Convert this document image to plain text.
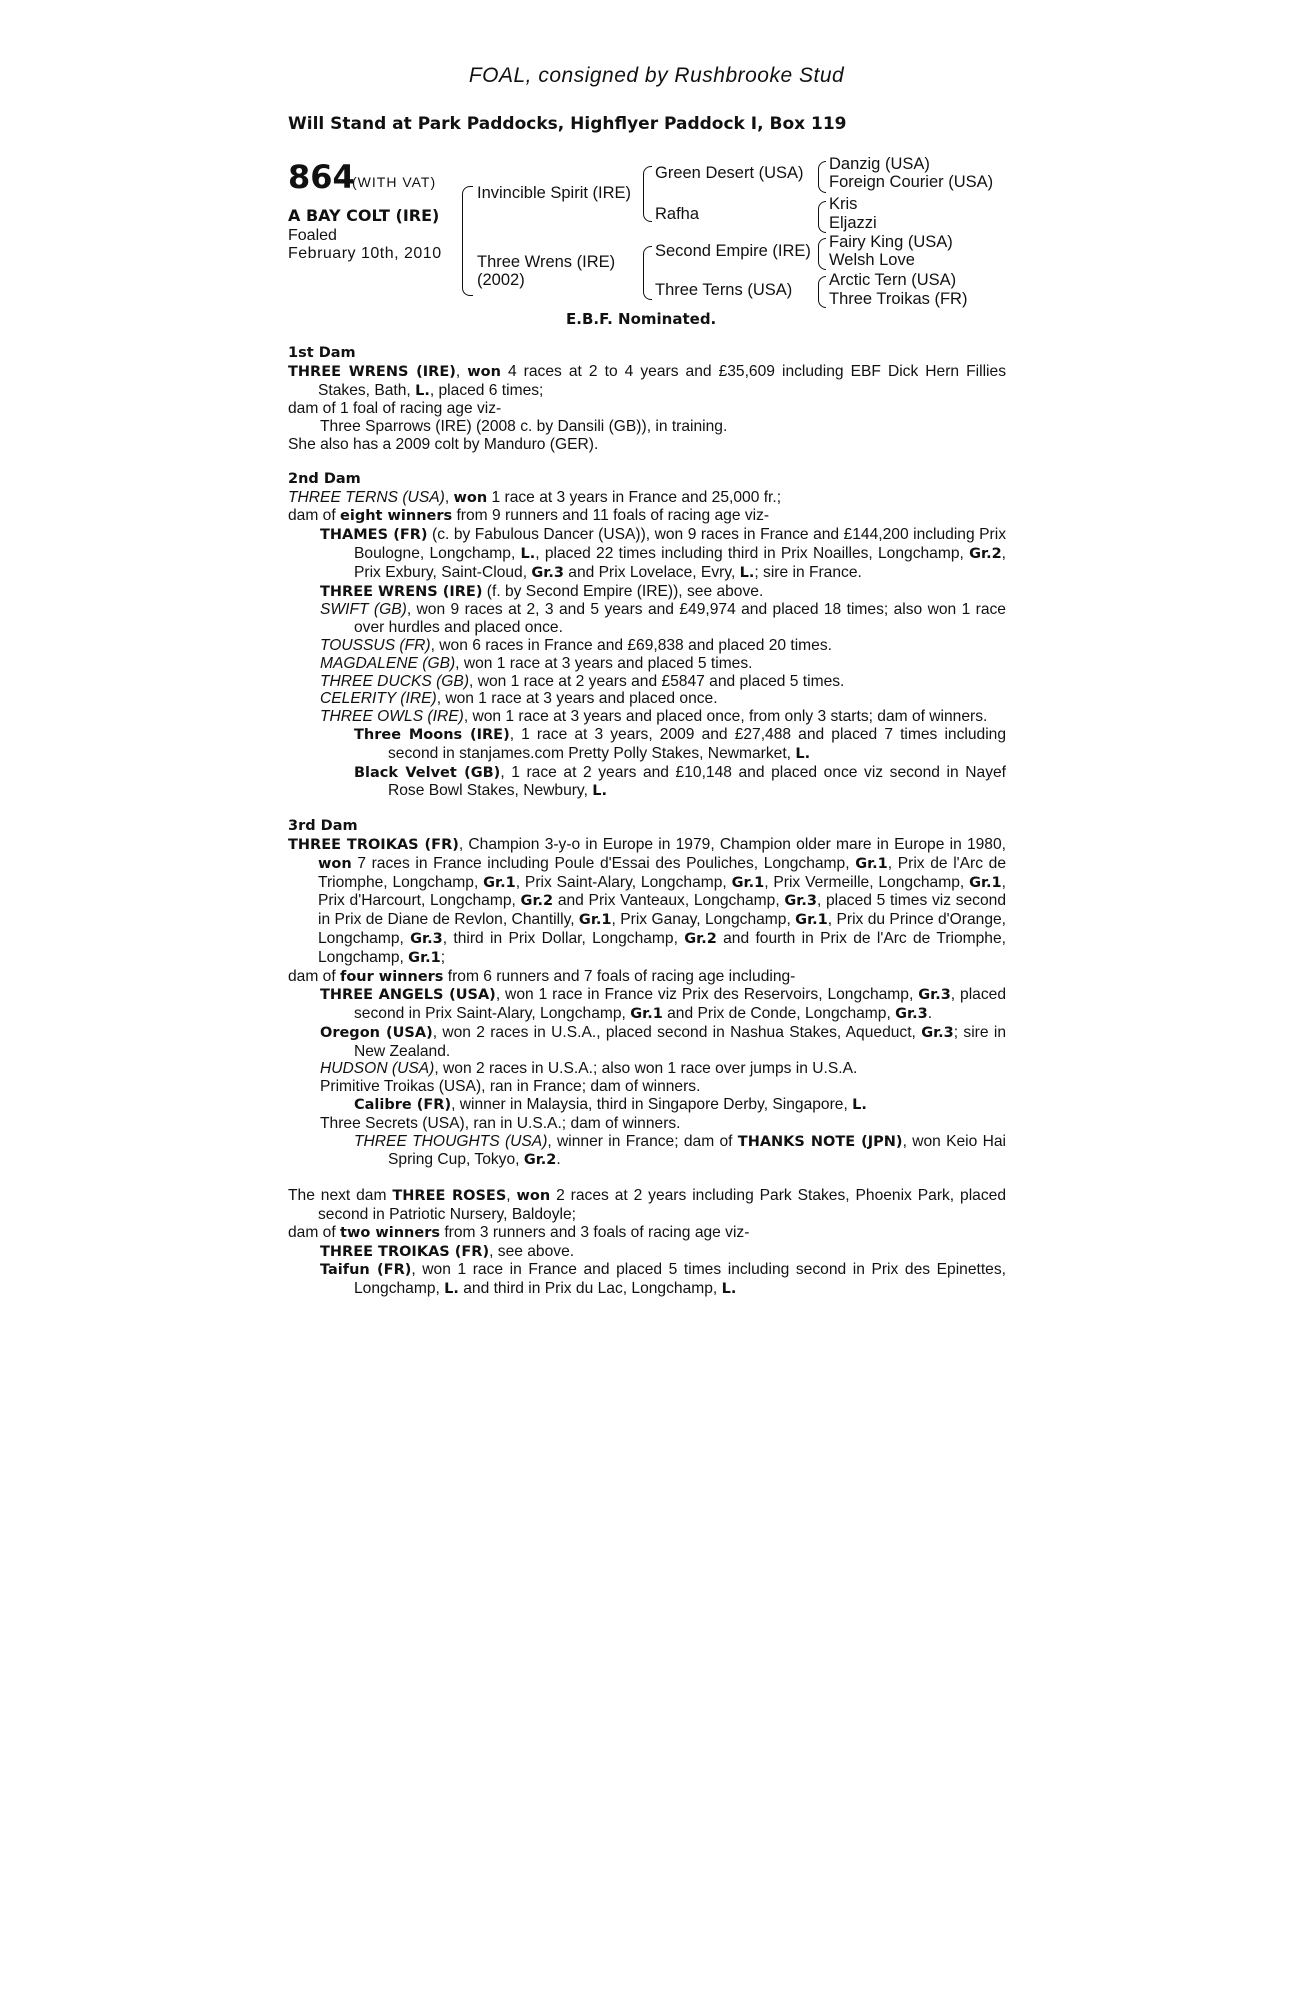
FOAL, consigned by Rushbrooke Stud
Will Stand at Park Paddocks, Highflyer Paddock I, Box 119
864
(WITH VAT)
A BAY COLT (IRE)
Foaled
February 10th, 2010
Invincible Spirit (IRE)
Three Wrens (IRE)
(2002)
Green Desert (USA)
Rafha
Second Empire (IRE)
Three Terns (USA)
Danzig (USA)
Foreign Courier (USA)
Kris
Eljazzi
Fairy King (USA)
Welsh Love
Arctic Tern (USA)
Three Troikas (FR)
E.B.F. Nominated.

1st Dam

THREE WRENS (IRE), won 4 races at 2 to 4 years and £35,609 including EBF Dick Hern Fillies Stakes, Bath, L., placed 6 times;

dam of 1 foal of racing age viz-

Three Sparrows (IRE) (2008 c. by Dansili (GB)), in training.

She also has a 2009 colt by Manduro (GER).

2nd Dam

THREE TERNS (USA), won 1 race at 3 years in France and 25,000 fr.;

dam of eight winners from 9 runners and 11 foals of racing age viz-

THAMES (FR) (c. by Fabulous Dancer (USA)), won 9 races in France and £144,200 including Prix Boulogne, Longchamp, L., placed 22 times including third in Prix Noailles, Longchamp, Gr.2, Prix Exbury, Saint-Cloud, Gr.3 and Prix Lovelace, Evry, L.; sire in France.

THREE WRENS (IRE) (f. by Second Empire (IRE)), see above.

SWIFT (GB), won 9 races at 2, 3 and 5 years and £49,974 and placed 18 times; also won 1 race over hurdles and placed once.

TOUSSUS (FR), won 6 races in France and £69,838 and placed 20 times.

MAGDALENE (GB), won 1 race at 3 years and placed 5 times.

THREE DUCKS (GB), won 1 race at 2 years and £5847 and placed 5 times.

CELERITY (IRE), won 1 race at 3 years and placed once.

THREE OWLS (IRE), won 1 race at 3 years and placed once, from only 3 starts; dam of winners.

Three Moons (IRE), 1 race at 3 years, 2009 and £27,488 and placed 7 times including second in stanjames.com Pretty Polly Stakes, Newmarket, L.

Black Velvet (GB), 1 race at 2 years and £10,148 and placed once viz second in Nayef Rose Bowl Stakes, Newbury, L.

3rd Dam

THREE TROIKAS (FR), Champion 3-y-o in Europe in 1979, Champion older mare in Europe in 1980, won 7 races in France including Poule d'Essai des Pouliches, Longchamp, Gr.1, Prix de l'Arc de Triomphe, Longchamp, Gr.1, Prix Saint-Alary, Longchamp, Gr.1, Prix Vermeille, Longchamp, Gr.1, Prix d'Harcourt, Longchamp, Gr.2 and Prix Vanteaux, Longchamp, Gr.3, placed 5 times viz second in Prix de Diane de Revlon, Chantilly, Gr.1, Prix Ganay, Longchamp, Gr.1, Prix du Prince d'Orange, Longchamp, Gr.3, third in Prix Dollar, Longchamp, Gr.2 and fourth in Prix de l'Arc de Triomphe, Longchamp, Gr.1;

dam of four winners from 6 runners and 7 foals of racing age including-

THREE ANGELS (USA), won 1 race in France viz Prix des Reservoirs, Longchamp, Gr.3, placed second in Prix Saint-Alary, Longchamp, Gr.1 and Prix de Conde, Longchamp, Gr.3.

Oregon (USA), won 2 races in U.S.A., placed second in Nashua Stakes, Aqueduct, Gr.3; sire in New Zealand.

HUDSON (USA), won 2 races in U.S.A.; also won 1 race over jumps in U.S.A.

Primitive Troikas (USA), ran in France; dam of winners.

Calibre (FR), winner in Malaysia, third in Singapore Derby, Singapore, L.

Three Secrets (USA), ran in U.S.A.; dam of winners.

THREE THOUGHTS (USA), winner in France; dam of THANKS NOTE (JPN), won Keio Hai Spring Cup, Tokyo, Gr.2.

The next dam THREE ROSES, won 2 races at 2 years including Park Stakes, Phoenix Park, placed second in Patriotic Nursery, Baldoyle;

dam of two winners from 3 runners and 3 foals of racing age viz-

THREE TROIKAS (FR), see above.

Taifun (FR), won 1 race in France and placed 5 times including second in Prix des Epinettes, Longchamp, L. and third in Prix du Lac, Longchamp, L.
